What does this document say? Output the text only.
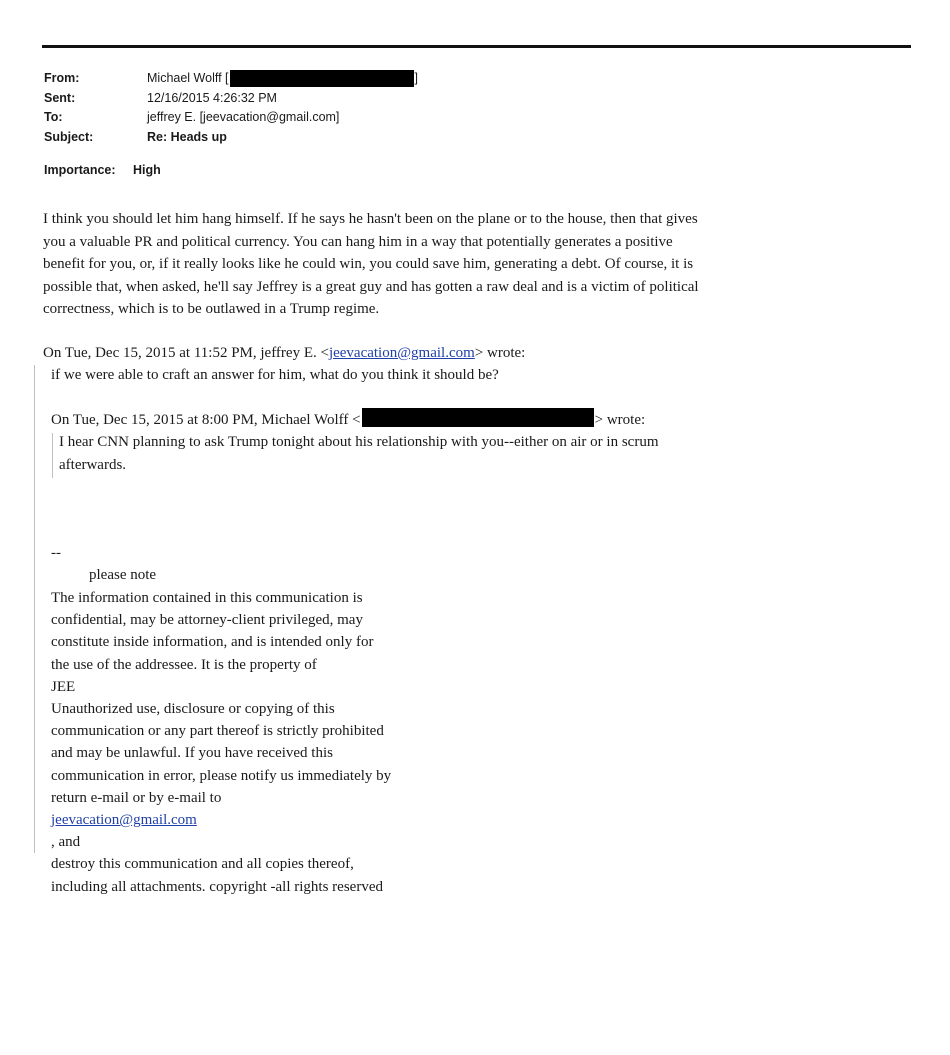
From:	Michael Wolff [	]
Sent:	12/16/2015 4:26:32 PM
To:	jeffrey E. [jeevacation@gmail.com]
Subject:	Re: Heads up
Importance:	High

I think you should let him hang himself. If he says he hasn't been on the plane or to the house, then that gives
you a valuable PR and political currency. You can hang him in a way that potentially generates a positive
benefit for you, or, if it really looks like he could win, you could save him, generating a debt. Of course, it is
possible that, when asked, he'll say Jeffrey is a great guy and has gotten a raw deal and is a victim of political
correctness, which is to be outlawed in a Trump regime.

On Tue, Dec 15, 2015 at 11:52 PM, jeffrey E. <jeevacation@gmail.com> wrote:

if we were able to craft an answer for him, what do you think it should be?

On Tue, Dec 15, 2015 at 8:00 PM, Michael Wolff <	> wrote:

I hear CNN planning to ask Trump tonight about his relationship with you--either on air or in scrum

afterwards.

--

please note

The information contained in this communication is
confidential, may be attorney-client privileged, may
constitute inside information, and is intended only for
the use of the addressee. It is the property of
JEE
Unauthorized use, disclosure or copying of this
communication or any part thereof is strictly prohibited
and may be unlawful. If you have received this
communication in error, please notify us immediately by
return e-mail or by e-mail to
jeevacation@gmail.com
, and
destroy this communication and all copies thereof,
including all attachments. copyright -all rights reserved
